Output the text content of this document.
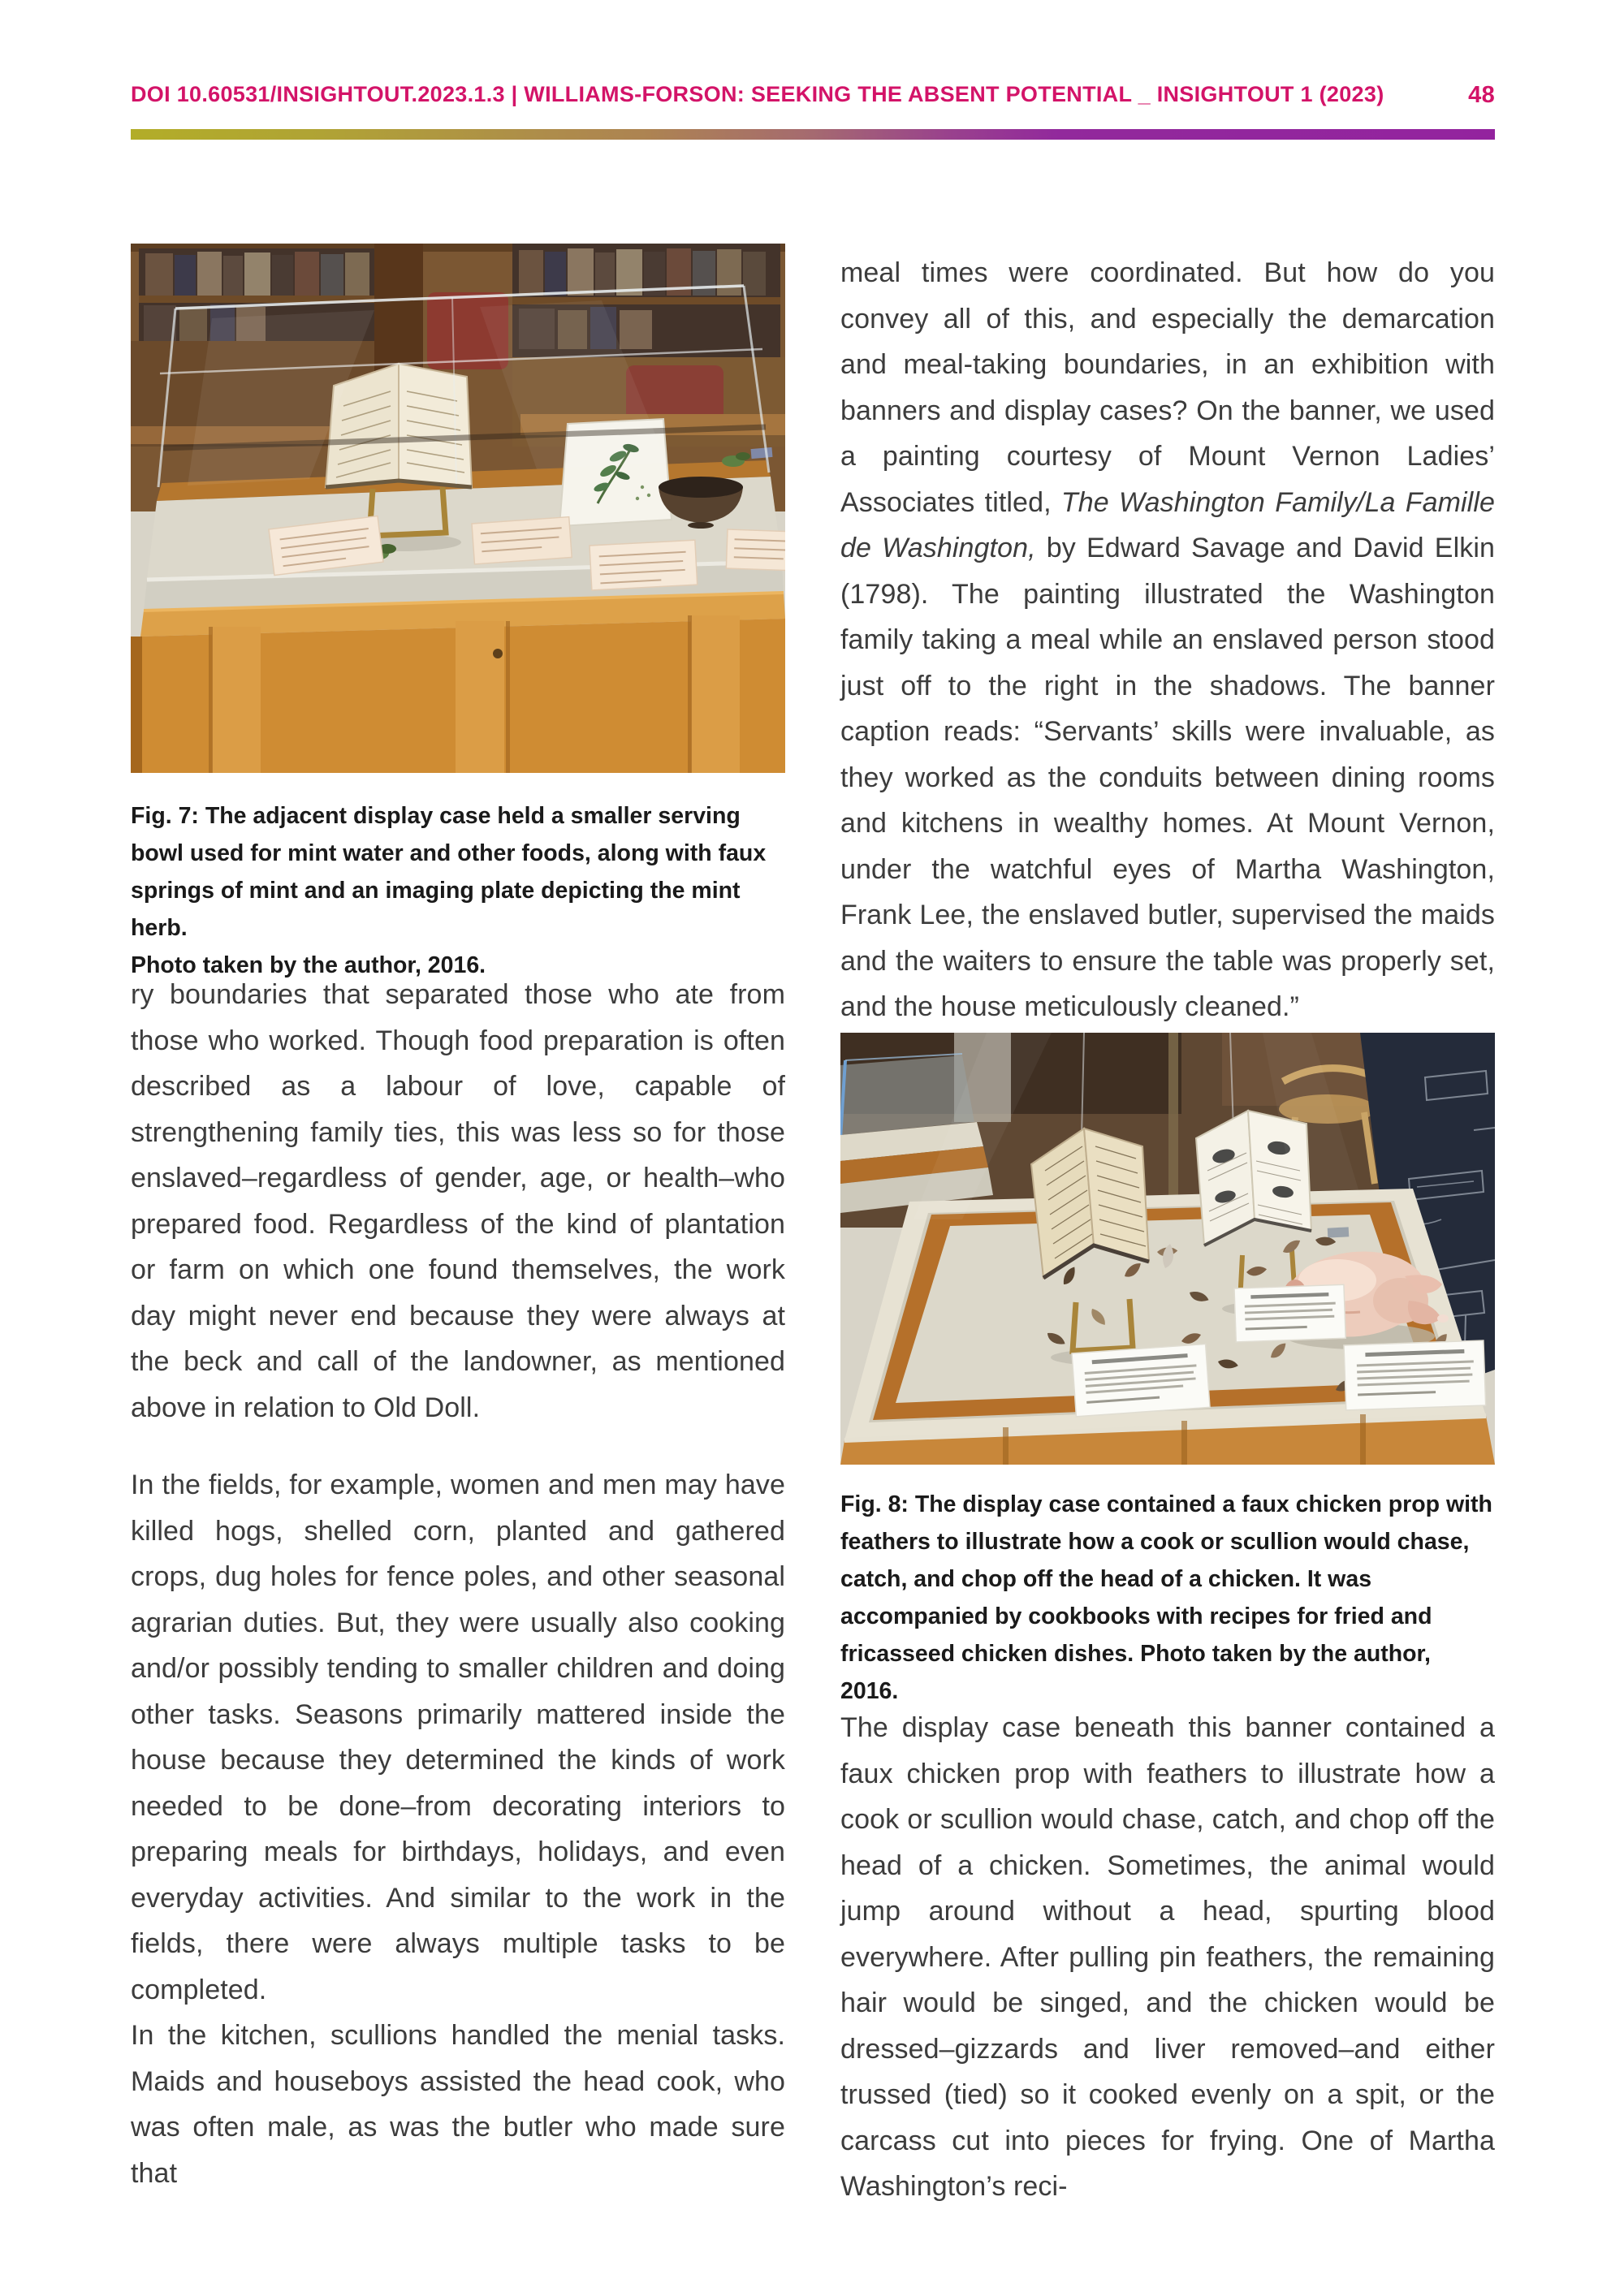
DOI 10.60531/INSIGHTOUT.2023.1.3 | WILLIAMS-FORSON: SEEKING THE ABSENT POTENTIAL _ INSIGHTOUT 1 (2023)	48
Fig. 7: The adjacent display case held a smaller serving bowl used for mint water and other foods, along with faux springs of mint and an imaging plate depicting the mint herb.
Photo taken by the author, 2016.
ry boundaries that separated those who ate from those who worked. Though food preparation is often described as a labour of love, capable of strengthening family ties, this was less so for those enslaved–regardless of gender, age, or health–who prepared food. Regardless of the kind of plantation or farm on which one found themselves, the work day might never end because they were always at the beck and call of the landowner, as mentioned above in relation to Old Doll.
In the fields, for example, women and men may have killed hogs, shelled corn, planted and gathered crops, dug holes for fence poles, and other seasonal agrarian duties. But, they were usually also cooking and/or possibly tending to smaller children and doing other tasks. Seasons primarily mattered inside the house because they determined the kinds of work needed to be done–from decorating interiors to preparing meals for birthdays, holidays, and even everyday activities. And similar to the work in the fields, there were always multiple tasks to be completed.
In the kitchen, scullions handled the menial tasks. Maids and houseboys assisted the head cook, who was often male, as was the butler who made sure that
meal times were coordinated. But how do you convey all of this, and especially the demarcation and meal-taking boundaries, in an exhibition with banners and display cases? On the banner, we used a painting courtesy of Mount Vernon Ladies’ Associates titled, The Washington Family/La Famille de Washington, by Edward Savage and David Elkin (1798). The painting illustrated the Washington family taking a meal while an enslaved person stood just off to the right in the shadows. The banner caption reads: “Servants’ skills were invaluable, as they worked as the conduits between dining rooms and kitchens in wealthy homes. At Mount Vernon, under the watchful eyes of Martha Washington, Frank Lee, the enslaved butler, supervised the maids and the waiters to ensure the table was properly set, and the house meticulously cleaned.”
Fig. 8: The display case contained a faux chicken prop with feathers to illustrate how a cook or scullion would chase, catch, and chop off the head of a chicken. It was accompanied by cookbooks with recipes for fried and fricasseed chicken dishes. Photo taken by the author, 2016.
The display case beneath this banner contained a faux chicken prop with feathers to illustrate how a cook or scullion would chase, catch, and chop off the head of a chicken. Sometimes, the animal would jump around without a head, spurting blood everywhere. After pulling pin feathers, the remaining hair would be singed, and the chicken would be dressed–gizzards and liver removed–and either trussed (tied) so it cooked evenly on a spit, or the carcass cut into pieces for frying. One of Martha Washington’s reci-
